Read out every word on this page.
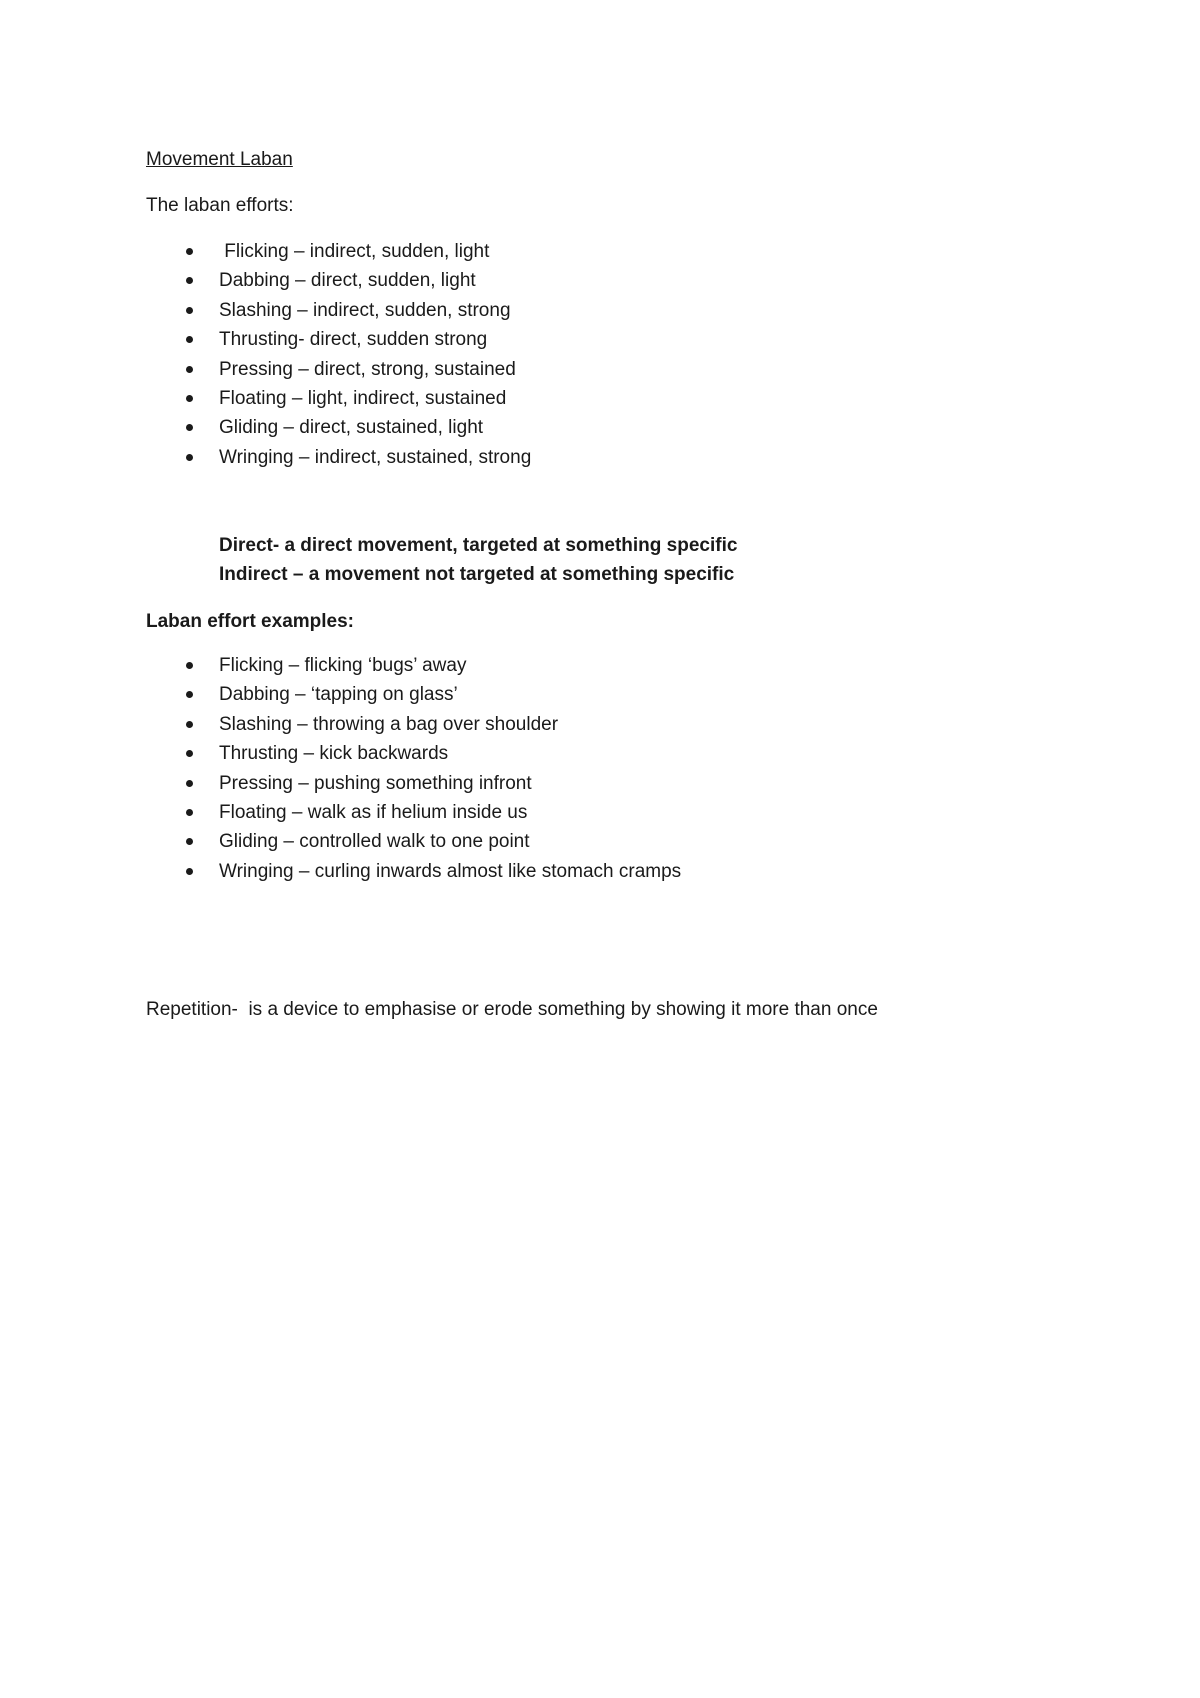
Movement Laban
The laban efforts:
Flicking – indirect, sudden, light
Dabbing – direct, sudden, light
Slashing – indirect, sudden, strong
Thrusting- direct, sudden strong
Pressing – direct, strong, sustained
Floating – light, indirect, sustained
Gliding – direct, sustained, light
Wringing – indirect, sustained, strong
Direct- a direct movement, targeted at something specific
Indirect – a movement not targeted at something specific
Laban effort examples:
Flicking – flicking ‘bugs’ away
Dabbing – ‘tapping on glass’
Slashing – throwing a bag over shoulder
Thrusting – kick backwards
Pressing – pushing something infront
Floating – walk as if helium inside us
Gliding – controlled walk to one point
Wringing – curling inwards almost like stomach cramps
Repetition-  is a device to emphasise or erode something by showing it more than once
